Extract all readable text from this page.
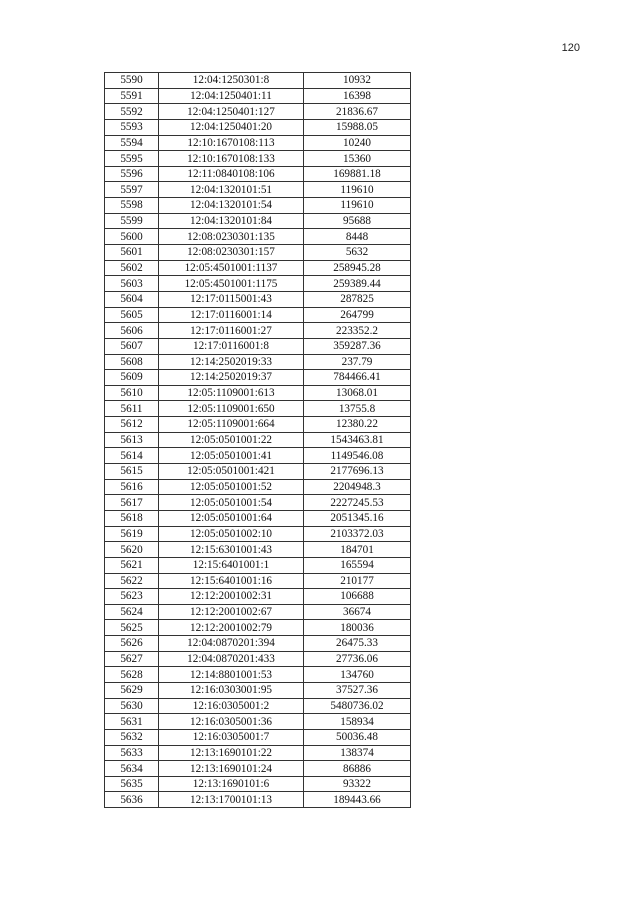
120
5590	12:04:1250301:8	10932
5591	12:04:1250401:11	16398
5592	12:04:1250401:127	21836.67
5593	12:04:1250401:20	15988.05
5594	12:10:1670108:113	10240
5595	12:10:1670108:133	15360
5596	12:11:0840108:106	169881.18
5597	12:04:1320101:51	119610
5598	12:04:1320101:54	119610
5599	12:04:1320101:84	95688
5600	12:08:0230301:135	8448
5601	12:08:0230301:157	5632
5602	12:05:4501001:1137	258945.28
5603	12:05:4501001:1175	259389.44
5604	12:17:0115001:43	287825
5605	12:17:0116001:14	264799
5606	12:17:0116001:27	223352.2
5607	12:17:0116001:8	359287.36
5608	12:14:2502019:33	237.79
5609	12:14:2502019:37	784466.41
5610	12:05:1109001:613	13068.01
5611	12:05:1109001:650	13755.8
5612	12:05:1109001:664	12380.22
5613	12:05:0501001:22	1543463.81
5614	12:05:0501001:41	1149546.08
5615	12:05:0501001:421	2177696.13
5616	12:05:0501001:52	2204948.3
5617	12:05:0501001:54	2227245.53
5618	12:05:0501001:64	2051345.16
5619	12:05:0501002:10	2103372.03
5620	12:15:6301001:43	184701
5621	12:15:6401001:1	165594
5622	12:15:6401001:16	210177
5623	12:12:2001002:31	106688
5624	12:12:2001002:67	36674
5625	12:12:2001002:79	180036
5626	12:04:0870201:394	26475.33
5627	12:04:0870201:433	27736.06
5628	12:14:8801001:53	134760
5629	12:16:0303001:95	37527.36
5630	12:16:0305001:2	5480736.02
5631	12:16:0305001:36	158934
5632	12:16:0305001:7	50036.48
5633	12:13:1690101:22	138374
5634	12:13:1690101:24	86886
5635	12:13:1690101:6	93322
5636	12:13:1700101:13	189443.66
